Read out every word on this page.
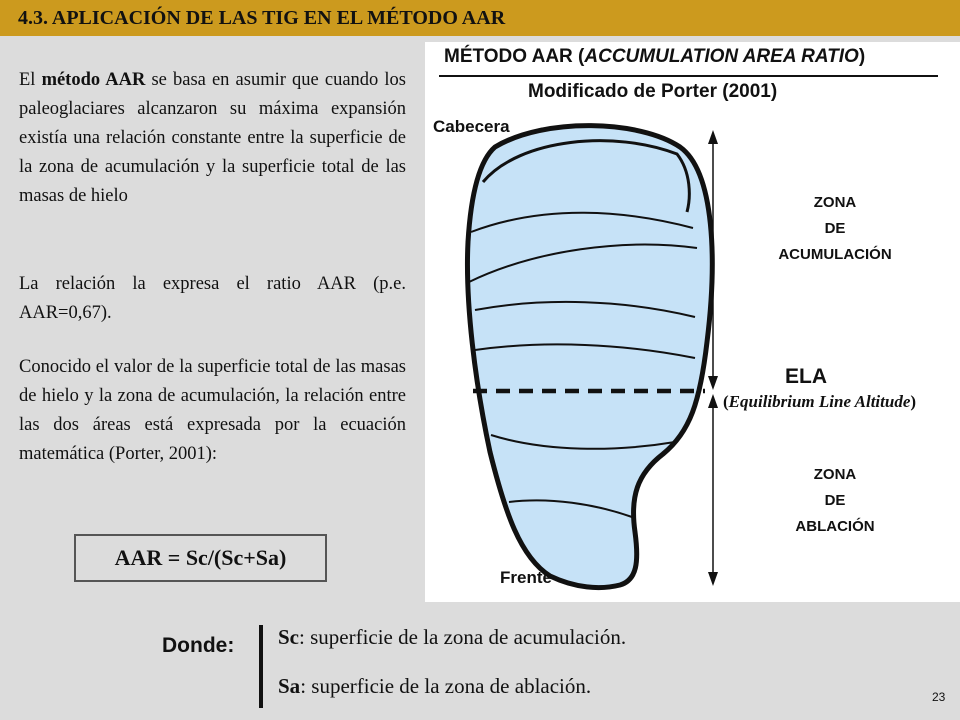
4.3. APLICACIÓN DE LAS TIG EN EL MÉTODO AAR
El método AAR se basa en asumir que cuando los paleoglaciares alcanzaron su máxima expansión existía una relación constante entre la superficie de la zona de acumulación y la superficie total de las masas de hielo
La relación la expresa el ratio AAR (p.e. AAR=0,67).
Conocido el valor de la superficie total de las masas de hielo y la zona de acumulación, la relación entre las dos áreas está expresada por la ecuación matemática (Porter, 2001):
AAR = Sc/(Sc+Sa)
MÉTODO AAR (ACCUMULATION AREA RATIO)
Modificado de Porter (2001)
Cabecera
Frente
ZONA
DE
ACUMULACIÓN
ELA
(Equilibrium Line Altitude)
ZONA
DE
ABLACIÓN
Donde: Sc: superficie de la zona de acumulación.
Sa: superficie de la zona de ablación.	23
